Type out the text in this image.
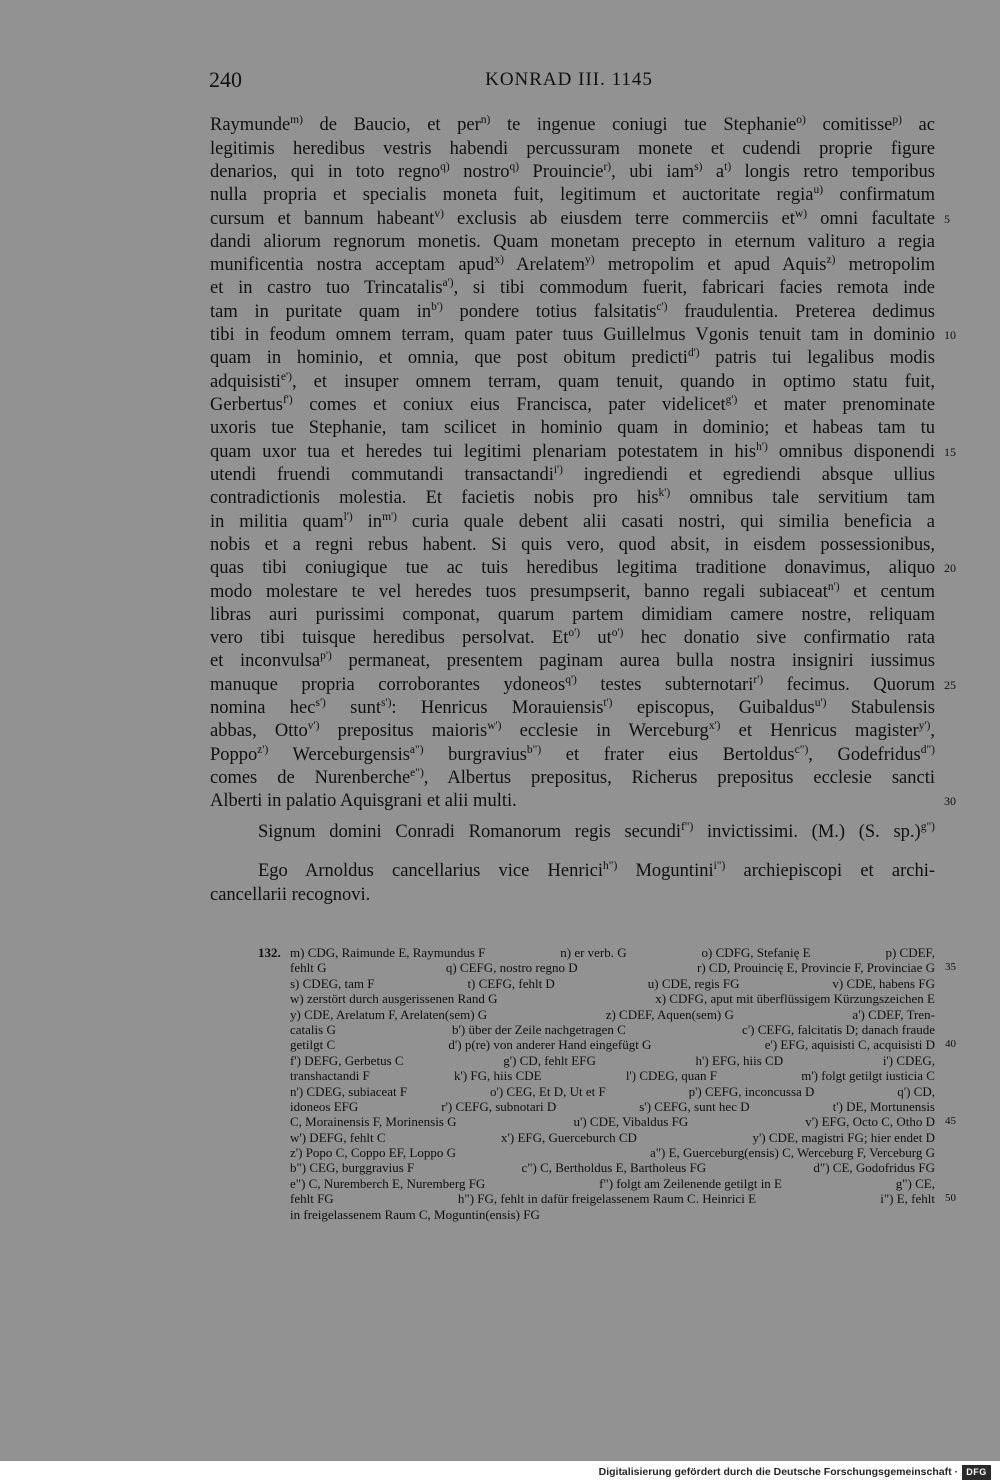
240	KONRAD III. 1145
Raymunde$^{m)}$ de Baucio, et per$^{n)}$ te ingenue coniugi tue Stephanie$^{o)}$ comitisse$^{p)}$ ac
legitimis heredibus vestris habendi percussuram monete et cudendi proprie figure
denarios, qui in toto regno$^{q)}$ nostro$^{q)}$ Prouincie$^{r)}$, ubi iam$^{s)}$ $a^{t)}$ longis retro temporibus
nulla propria et specialis moneta fuit, legitimum et auctoritate regia$^{u)}$ confirmatum
cursum et bannum habeant$^{v)}$ exclusis ab eiusdem terre commerciis $et^{w)}$ omni facultate 5
dandi aliorum regnorum monetis. Quam monetam precepto in eternum valituro a regia
munificentia nostra acceptam apud$^{x)}$ Arelatem$^{y)}$ metropolim et apud Aquis$^{z)}$ metropolim
et in castro tuo Trincatalis$^{a')}$, si tibi commodum fuerit, fabricari facies remota inde
tam in puritate quam $in^{b')}$ pondere totius falsitatis$^{c')}$ fraudulentia. Preterea dedimus
tibi in feodum omnem terram, quam pater tuus Guillelmus Vgonis tenuit tam in dominio 10
quam in hominio, et omnia, que post obitum predicti$^{d')}$ patris tui legalibus modis
adquisisti$^{e')}$, et insuper omnem terram, quam tenuit, quando in optimo statu fuit,
Gerbertus$^{f')}$ comes et coniux eius Francisca, pater videlicet$^{g')}$ et mater prenominate
uxoris tue Stephanie, tam scilicet in hominio quam in dominio; et habeas tam tu
quam uxor tua et heredes tui legitimi plenariam potestatem in his$^{h')}$ omnibus disponendi 15
utendi fruendi commutandi transactandi$^{i')}$ ingrediendi et egrediendi absque ullius
contradictionis molestia. Et facietis nobis pro his$^{k')}$ omnibus tale servitium tam
in militia quam$^{l')}$ $in^{m')}$ curia quale debent alii casati nostri, qui similia beneficia a
nobis et a regni rebus habent. Si quis vero, quod absit, in eisdem possessionibus,
quas tibi coniugique tue ac tuis heredibus legitima traditione donavimus, aliquo 20
modo molestare te vel heredes tuos presumpserit, banno regali subiaceat$^{n')}$ et centum
libras auri purissimi componat, quarum partem dimidiam camere nostre, reliquam
vero tibi tuisque heredibus persolvat. $Et^{o')}$ $ut^{o')}$ hec donatio sive confirmatio rata
et inconvulsa$^{p')}$ permaneat, presentem paginam aurea bulla nostra insigniri iussimus
manuque propria corroborantes ydoneos$^{q')}$ testes subternotari$^{r')}$ fecimus. Quorum 25
nomina hec$^{s')}$ sunt$^{s')}$: Henricus Morauiensis$^{t')}$ episcopus, Guibaldus$^{u')}$ Stabulensis
abbas, Otto$^{v')}$ prepositus maioris$^{w')}$ ecclesie in Werceburg$^{x')}$ et Henricus magister$^{y')}$,
Poppo$^{z')}$ Werceburgensis$^{a")}$ burgravius$^{b")}$ et frater eius Bertoldus$^{c")}$, Godefridus$^{d")}$
comes de Nurenberche$^{e")}$, Albertus prepositus, Richerus prepositus ecclesie sancti
Alberti in palatio Aquisgrani et alii multi.	30
Signum domini Conradi Romanorum regis secundi$^{f")}$ invictissimi. (M.) (S. sp.)$^{g")}$
Ego Arnoldus cancellarius vice Henrici$^{h")}$ Moguntini$^{i")}$ archiepiscopi et archi-
cancellarii recognovi.
m) CDG, Raimunde E, Raymundus F	n) er verb. G	o) CDFG, Stefanię E	p) CDEF,
132.
fehlt G	q) CEFG, nostro regno D	r) CD, Prouincię E, Provincie F, Provinciae G 35
s) CDEG, tam F	t) CEFG, fehlt D	u) CDE, regis FG	v) CDE, habens FG
w) zerstört durch ausgerissenen Rand G	x) CDFG, aput mit überflüssigem Kürzungszeichen E
y) CDE, Arelatum F, Arelaten(sem) G	z) CDEF, Aquen(sem) G	a') CDEF, Tren-
catalis G	b') über der Zeile nachgetragen C	c') CEFG, falcitatis D; danach fraude
getilgt C	d') p(re) von anderer Hand eingefügt G	e') EFG, aquisisti C, acquisisti D 40
f') DEFG, Gerbetus C	g') CD, fehlt EFG	h') EFG, hiis CD	i') CDEG,
transhactandi F	k') FG, hiis CDE	l') CDEG, quan F	m') folgt getilgt iusticia C
n') CDEG, subiaceat F	o') CEG, Et D, Ut et F	p') CEFG, inconcussa D	q') CD,
idoneos EFG	r') CEFG, subnotari D	s') CEFG, sunt hec D	t') DE, Mortunensis
C, Morainensis F, Morinensis G	u') CDE, Vibaldus FG	v') EFG, Octo C, Otho D 45
w') DEFG, fehlt C	x') EFG, Guerceburch CD	y') CDE, magistri FG; hier endet D
z') Popo C, Coppo EF, Loppo G	a") E, Guerceburg(ensis) C, Werceburg F, Verceburg G
b") CEG, burggravius F	c") C, Bertholdus E, Bartholeus FG	d") CE, Godofridus FG
e") C, Nuremberch E, Nuremberg FG	f") folgt am Zeilenende getilgt in E	g") CE,
fehlt FG	h") FG, fehlt in dafür freigelassenem Raum C. Heinrici E	i") E, fehlt 50
in freigelassenem Raum C, Moguntin(ensis) FG
Digitalisierung gefördert durch die Deutsche Forschungsgemeinschaft · DFG
